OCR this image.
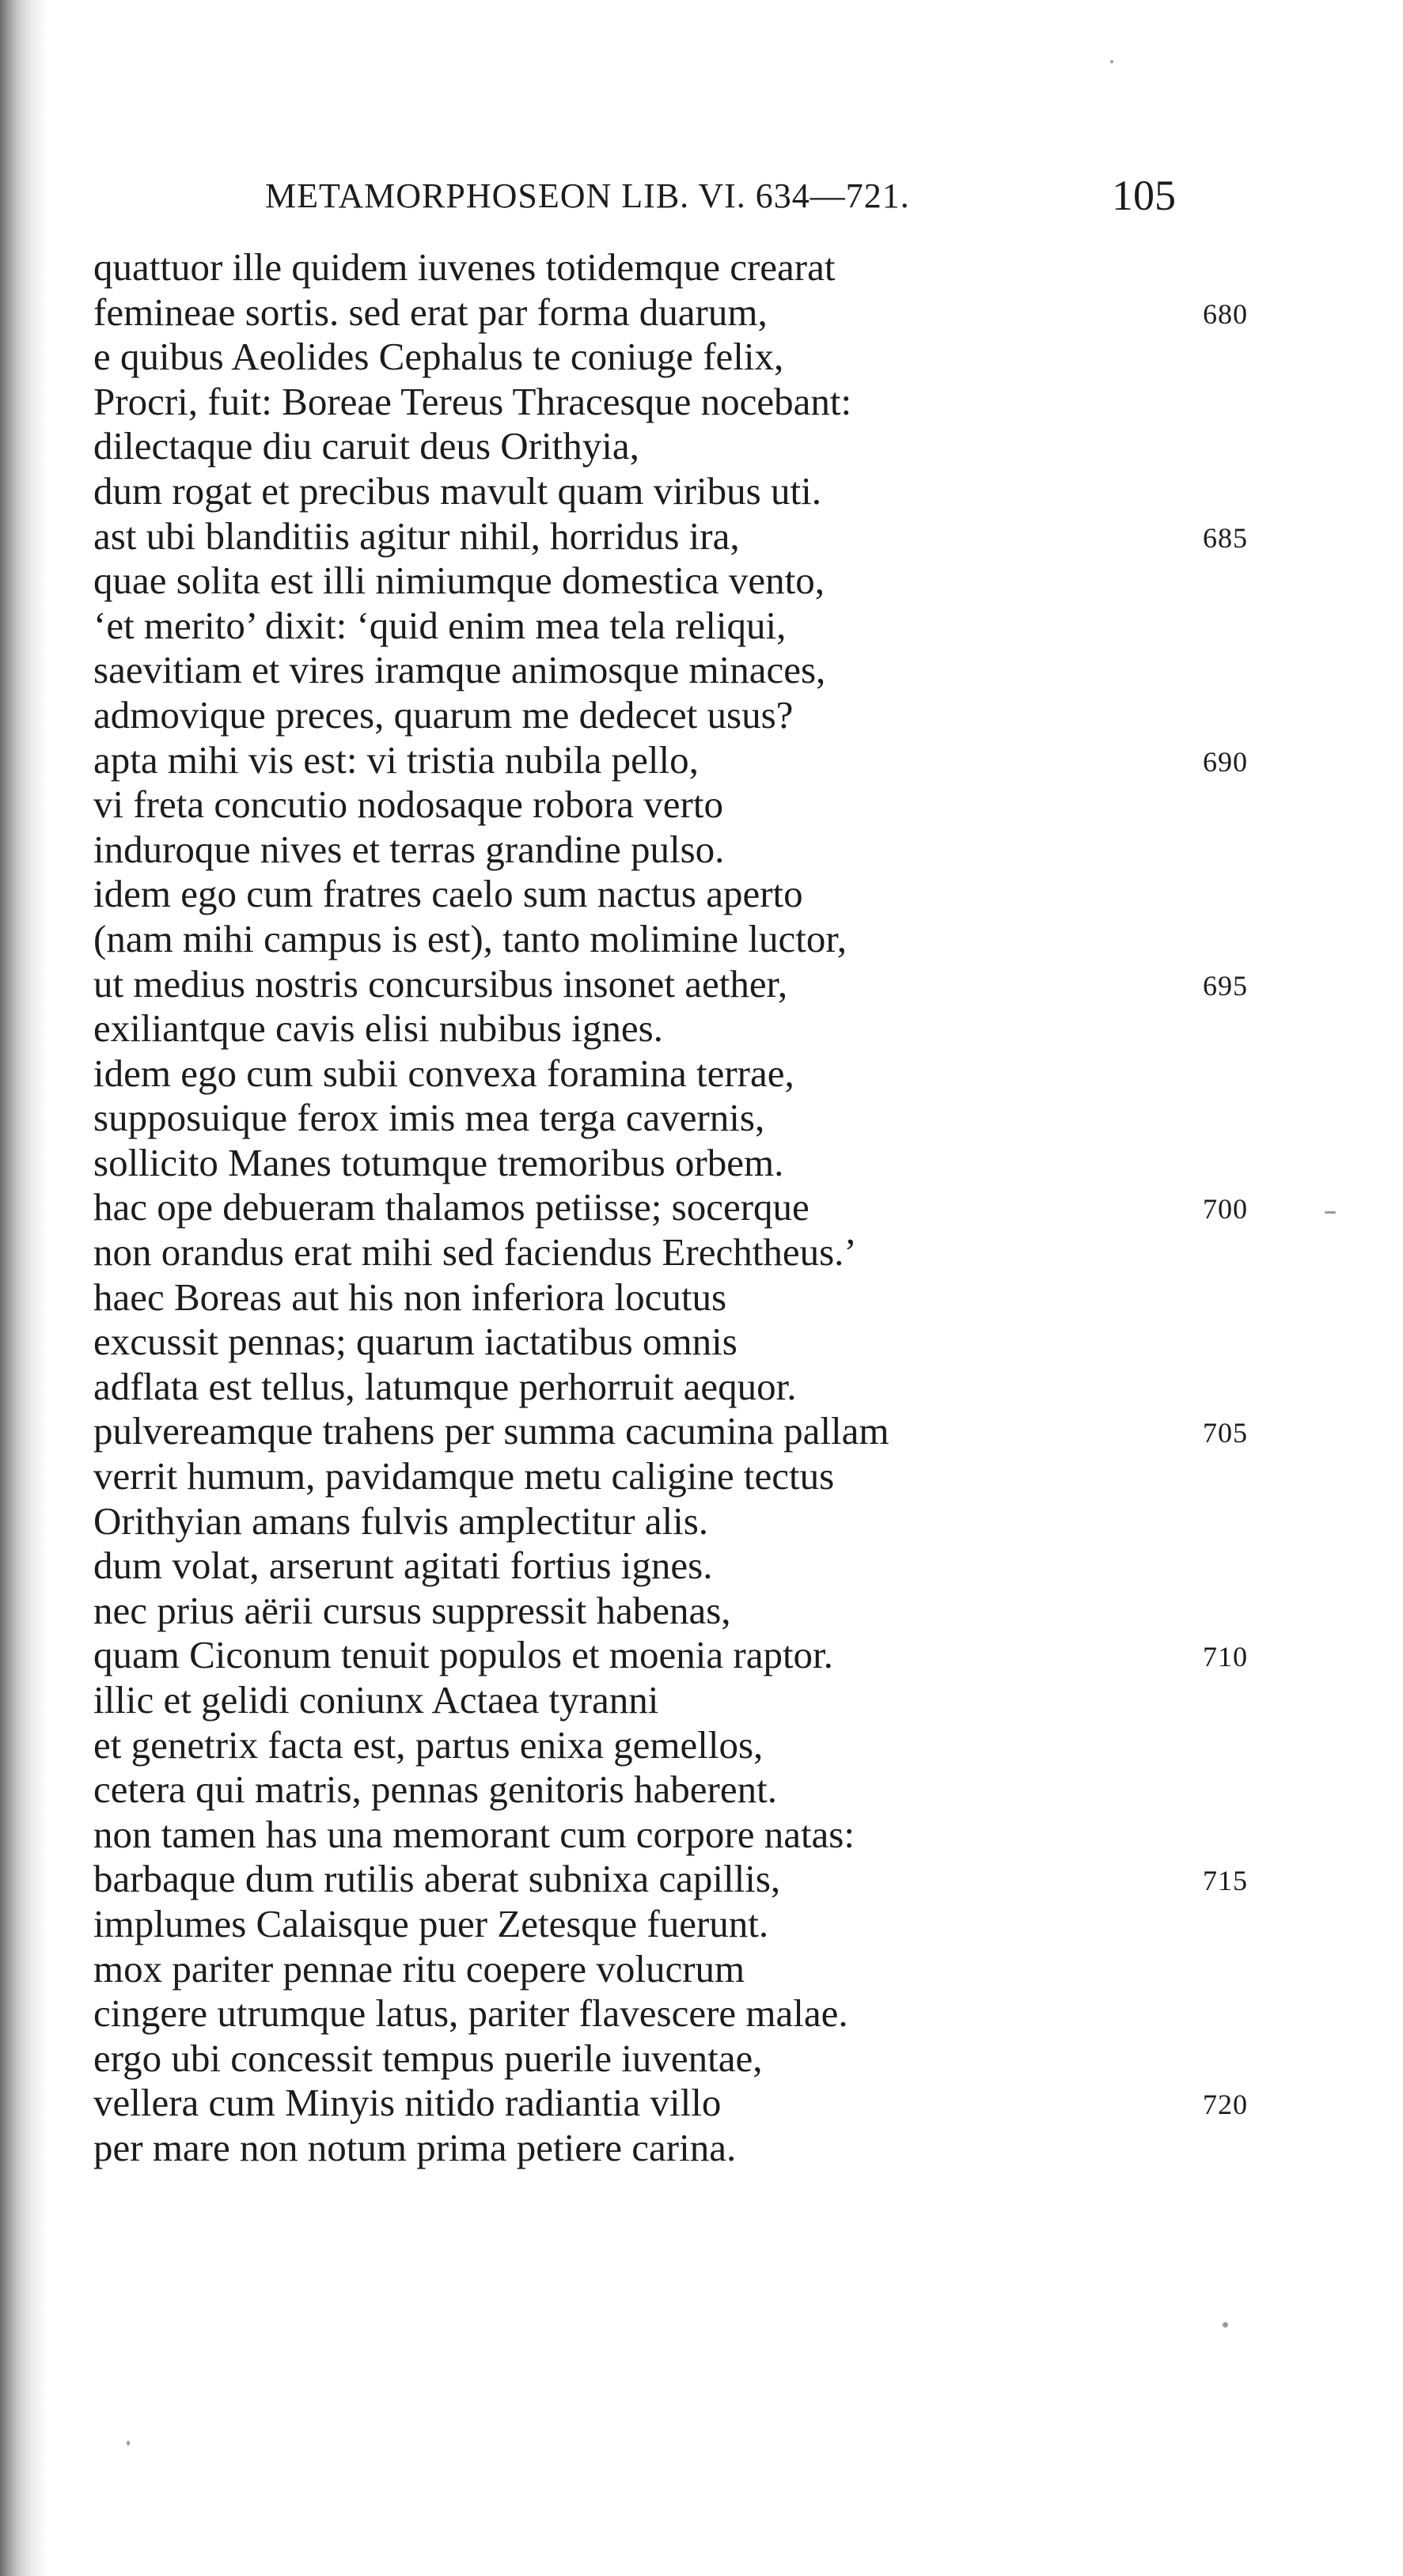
METAMORPHOSEON LIB. VI. 634—721.	105
quattuor ille quidem iuvenes totidemque crearat
femineae sortis. sed erat par forma duarum,	680
e quibus Aeolides Cephalus te coniuge felix,
Procri, fuit: Boreae Tereus Thracesque nocebant:
dilectaque diu caruit deus Orithyia,
dum rogat et precibus mavult quam viribus uti.
ast ubi blanditiis agitur nihil, horridus ira,	685
quae solita est illi nimiumque domestica vento,
‘et merito’ dixit: ‘quid enim mea tela reliqui,
saevitiam et vires iramque animosque minaces,
admovique preces, quarum me dedecet usus?
apta mihi vis est: vi tristia nubila pello,	690
vi freta concutio nodosaque robora verto
induroque nives et terras grandine pulso.
idem ego cum fratres caelo sum nactus aperto
(nam mihi campus is est), tanto molimine luctor,
ut medius nostris concursibus insonet aether,	695
exiliantque cavis elisi nubibus ignes.
idem ego cum subii convexa foramina terrae,
supposuique ferox imis mea terga cavernis,
sollicito Manes totumque tremoribus orbem.
hac ope debueram thalamos petiisse; socerque	700
non orandus erat mihi sed faciendus Erechtheus.’
haec Boreas aut his non inferiora locutus
excussit pennas; quarum iactatibus omnis
adflata est tellus, latumque perhorruit aequor.
pulvereamque trahens per summa cacumina pallam	705
verrit humum, pavidamque metu caligine tectus
Orithyian amans fulvis amplectitur alis.
dum volat, arserunt agitati fortius ignes.
nec prius aërii cursus suppressit habenas,
quam Ciconum tenuit populos et moenia raptor.	710
illic et gelidi coniunx Actaea tyranni
et genetrix facta est, partus enixa gemellos,
cetera qui matris, pennas genitoris haberent.
non tamen has una memorant cum corpore natas:
barbaque dum rutilis aberat subnixa capillis,	715
implumes Calaisque puer Zetesque fuerunt.
mox pariter pennae ritu coepere volucrum
cingere utrumque latus, pariter flavescere malae.
ergo ubi concessit tempus puerile iuventae,
vellera cum Minyis nitido radiantia villo	720
per mare non notum prima petiere carina.
